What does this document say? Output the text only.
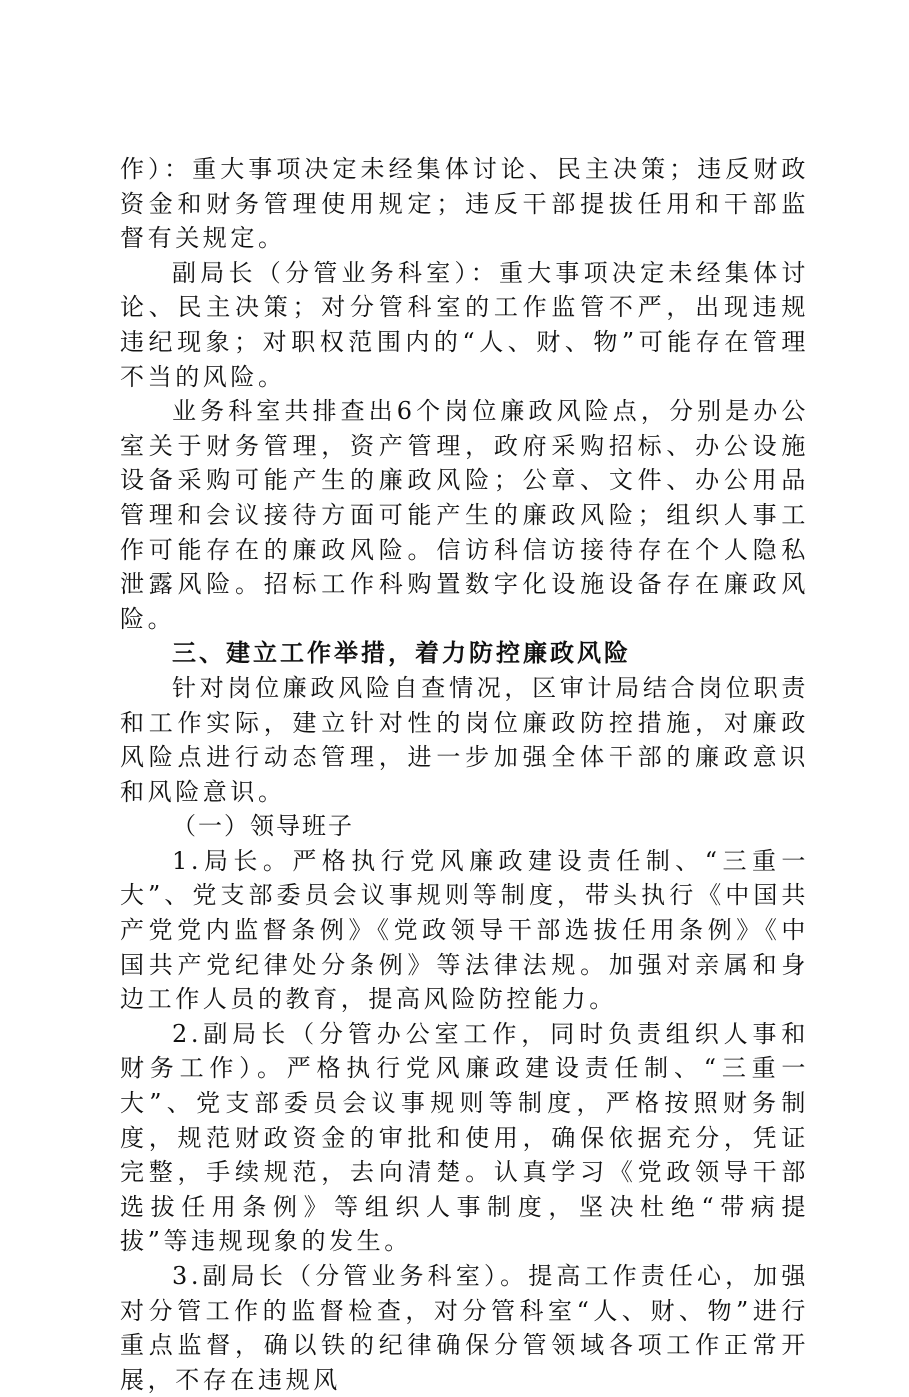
作）：重大事项决定未经集体讨论、民主决策；违反财政资金和财务管理使用规定；违反干部提拔任用和干部监督有关规定。

副局长（分管业务科室）：重大事项决定未经集体讨论、民主决策；对分管科室的工作监管不严，出现违规违纪现象；对职权范围内的“人、财、物”可能存在管理不当的风险。

业务科室共排查出6个岗位廉政风险点，分别是办公室关于财务管理，资产管理，政府采购招标、办公设施设备采购可能产生的廉政风险；公章、文件、办公用品管理和会议接待方面可能产生的廉政风险；组织人事工作可能存在的廉政风险。信访科信访接待存在个人隐私泄露风险。招标工作科购置数字化设施设备存在廉政风险。

三、建立工作举措，着力防控廉政风险

针对岗位廉政风险自查情况，区审计局结合岗位职责和工作实际，建立针对性的岗位廉政防控措施，对廉政风险点进行动态管理，进一步加强全体干部的廉政意识和风险意识。

（一）领导班子

1.局长。严格执行党风廉政建设责任制、“三重一大”、党支部委员会议事规则等制度，带头执行《中国共产党党内监督条例》《党政领导干部选拔任用条例》《中国共产党纪律处分条例》等法律法规。加强对亲属和身边工作人员的教育，提高风险防控能力。

2.副局长（分管办公室工作，同时负责组织人事和财务工作）。严格执行党风廉政建设责任制、“三重一大”、党支部委员会议事规则等制度，严格按照财务制度，规范财政资金的审批和使用，确保依据充分，凭证完整，手续规范，去向清楚。认真学习《党政领导干部选拔任用条例》等组织人事制度，坚决杜绝“带病提拔”等违规现象的发生。

3.副局长（分管业务科室）。提高工作责任心，加强对分管工作的监督检查，对分管科室“人、财、物”进行重点监督，确以铁的纪律确保分管领域各项工作正常开展，不存在违规风
